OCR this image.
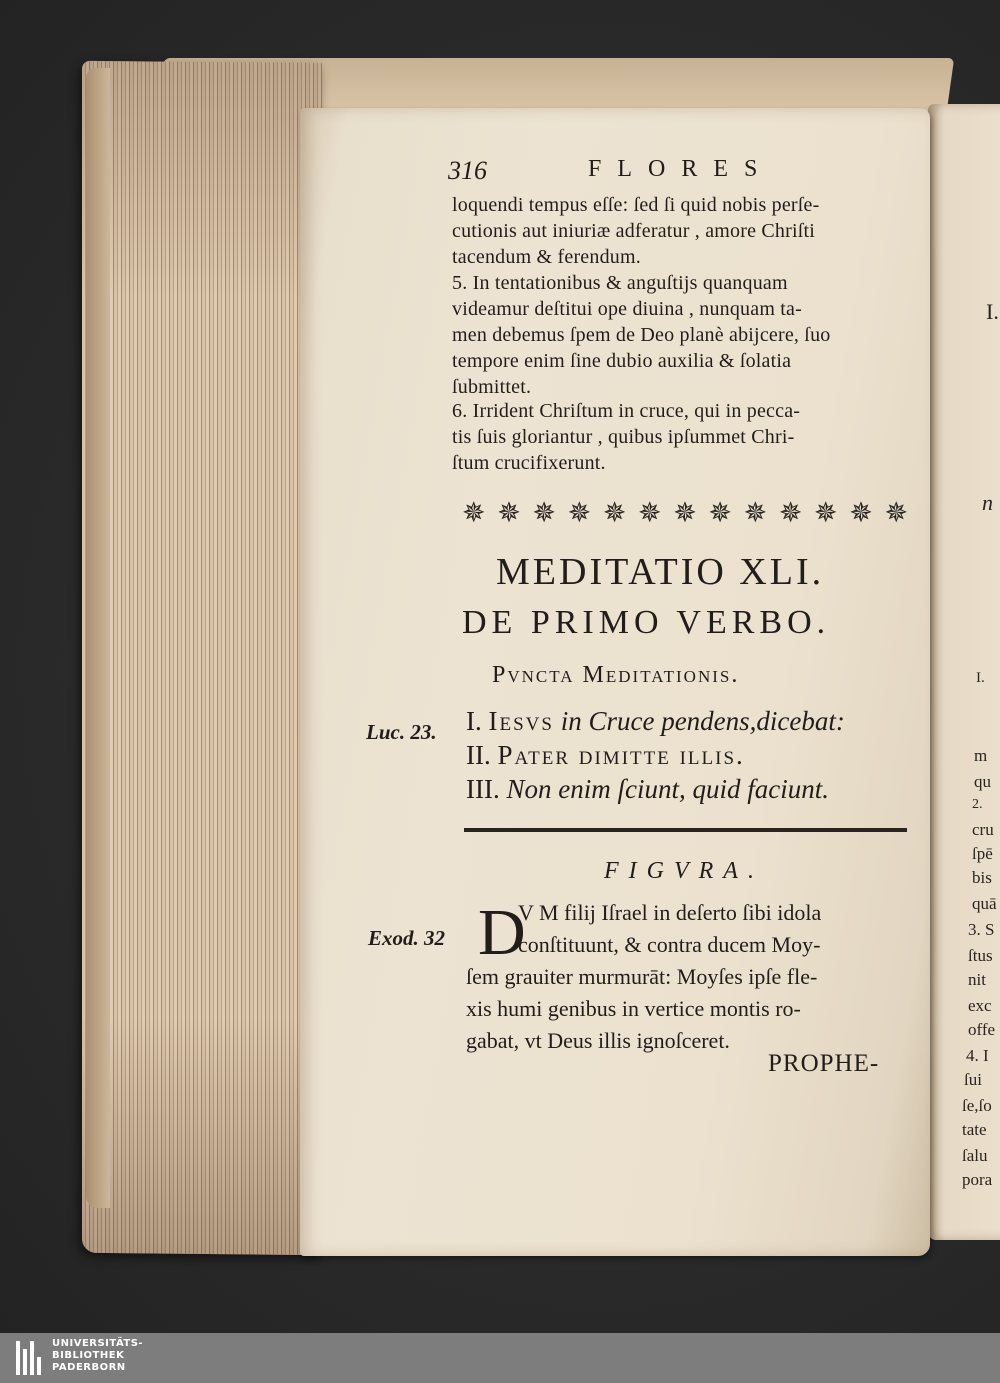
I.
n
I.
m
qu
2.
cru
ſpē
bis
quā
3. S
ſtus
nit
exc
offe
4. I
ſui
ſe,ſo
tate
ſalu
pora
316	FLORES
loquendi tempus eſſe: ſed ſi quid nobis perſe-
cutionis aut iniuriæ adferatur , amore Chriſti
tacendum & ferendum.
5. In tentationibus & anguſtijs quanquam
videamur deſtitui ope diuina , nunquam ta-
men debemus ſpem de Deo planè abijcere, ſuo
tempore enim ſine dubio auxilia & ſolatia
ſubmittet.
6. Irrident Chriſtum in cruce, qui in pecca-
tis ſuis gloriantur , quibus ipſummet Chri-
ſtum crucifixerunt.
✵ ✵ ✵ ✵ ✵ ✵ ✵ ✵ ✵ ✵ ✵ ✵ ✵
MEDITATIO XLI.
DE PRIMO VERBO.
Pvncta Meditationis.
Luc. 23. I. Iesvs in Cruce pendens,dicebat:
II. Pater dimitte illis.
III. Non enim ſciunt, quid faciunt.
FIGVRA.
Exod. 32 D
V M filij Iſrael in deſerto ſibi idola
conſtituunt, & contra ducem Moy-
ſem grauiter murmurāt: Moyſes ipſe fle-
xis humi genibus in vertice montis ro-
gabat, vt Deus illis ignoſceret.
PROPHE-
UNIVERSITÄTS-
BIBLIOTHEK
PADERBORN
